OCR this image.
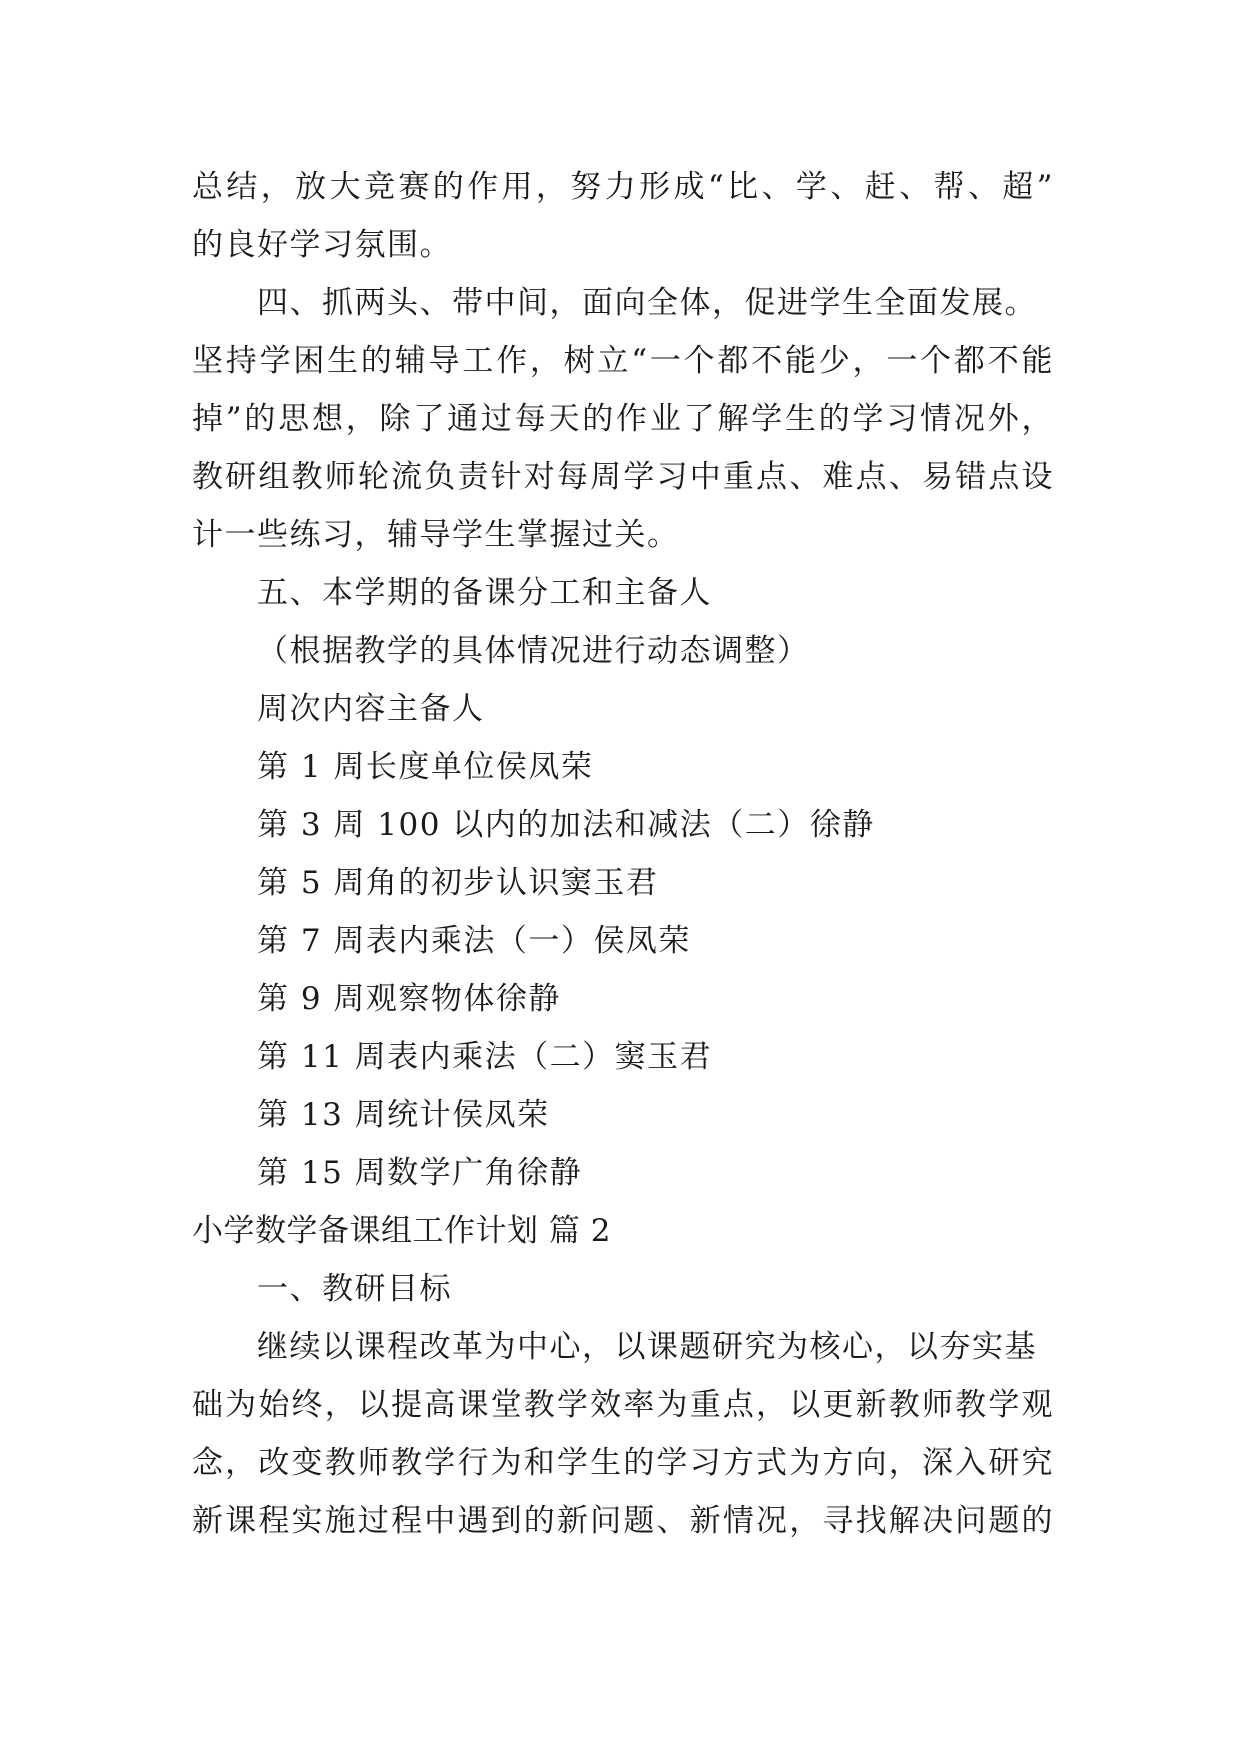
总结，放大竞赛的作用，努力形成“比、学、赶、帮、超”
的良好学习氛围。
四、抓两头、带中间，面向全体，促进学生全面发展。
坚持学困生的辅导工作，树立“一个都不能少，一个都不能
掉”的思想，除了通过每天的作业了解学生的学习情况外，
教研组教师轮流负责针对每周学习中重点、难点、易错点设
计一些练习，辅导学生掌握过关。
五、本学期的备课分工和主备人
（根据教学的具体情况进行动态调整）
周次内容主备人
第 1 周长度单位侯凤荣
第 3 周 100 以内的加法和减法（二）徐静
第 5 周角的初步认识窦玉君
第 7 周表内乘法（一）侯凤荣
第 9 周观察物体徐静
第 11 周表内乘法（二）窦玉君
第 13 周统计侯凤荣
第 15 周数学广角徐静
小学数学备课组工作计划 篇 2
一、教研目标
继续以课程改革为中心，以课题研究为核心，以夯实基
础为始终，以提高课堂教学效率为重点，以更新教师教学观
念，改变教师教学行为和学生的学习方式为方向，深入研究
新课程实施过程中遇到的新问题、新情况，寻找解决问题的
